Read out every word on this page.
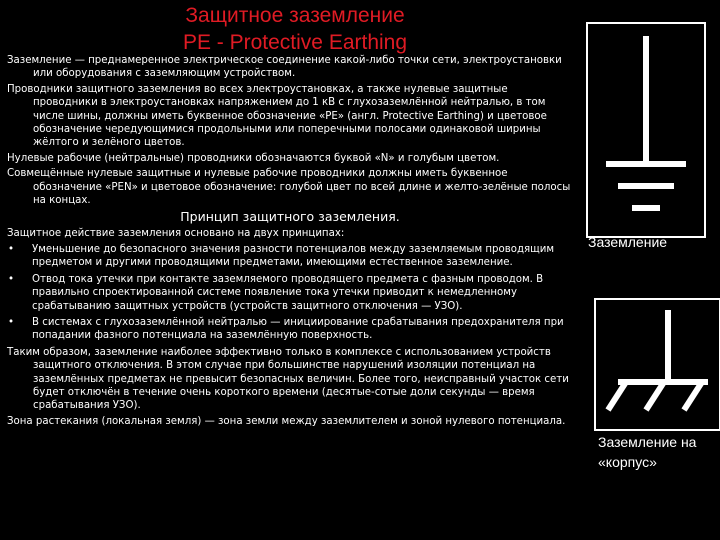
Защитное заземление
PE - Protective Earthing

Заземление — преднамеренное электрическое соединение какой-либо точки сети, электроустановки или оборудования с заземляющим устройством.

Проводники защитного заземления во всех электроустановках, а также нулевые защитные проводники в электроустановках напряжением до 1 кВ с глухозаземлённой нейтралью, в том числе шины, должны иметь буквенное обозначение «PE» (англ. Protective Earthing) и цветовое обозначение чередующимися продольными или поперечными полосами одинаковой ширины жёлтого и зелёного цветов.

Нулевые рабочие (нейтральные) проводники обозначаются буквой «N» и голубым цветом.

Совмещённые нулевые защитные и нулевые рабочие проводники должны иметь буквенное обозначение «PEN» и цветовое обозначение: голубой цвет по всей длине и желто-зелёные полосы на концах.

Принцип защитного заземления.

Защитное действие заземления основано на двух принципах:

• Уменьшение до безопасного значения разности потенциалов между заземляемым проводящим предметом и другими проводящими предметами, имеющими естественное заземление.
• Отвод тока утечки при контакте заземляемого проводящего предмета с фазным проводом. В правильно спроектированной системе появление тока утечки приводит к немедленному срабатыванию защитных устройств (устройств защитного отключения — УЗО).
• В системах с глухозаземлённой нейтралью — инициирование срабатывания предохранителя при попадании фазного потенциала на заземлённую поверхность.

Таким образом, заземление наиболее эффективно только в комплексе с использованием устройств защитного отключения. В этом случае при большинстве нарушений изоляции потенциал на заземлённых предметах не превысит безопасных величин. Более того, неисправный участок сети будет отключён в течение очень короткого времени (десятые-сотые доли секунды — время срабатывания УЗО).

Зона растекания (локальная земля) — зона земли между заземлителем и зоной нулевого потенциала.

Заземление
Заземление на
«корпус»
